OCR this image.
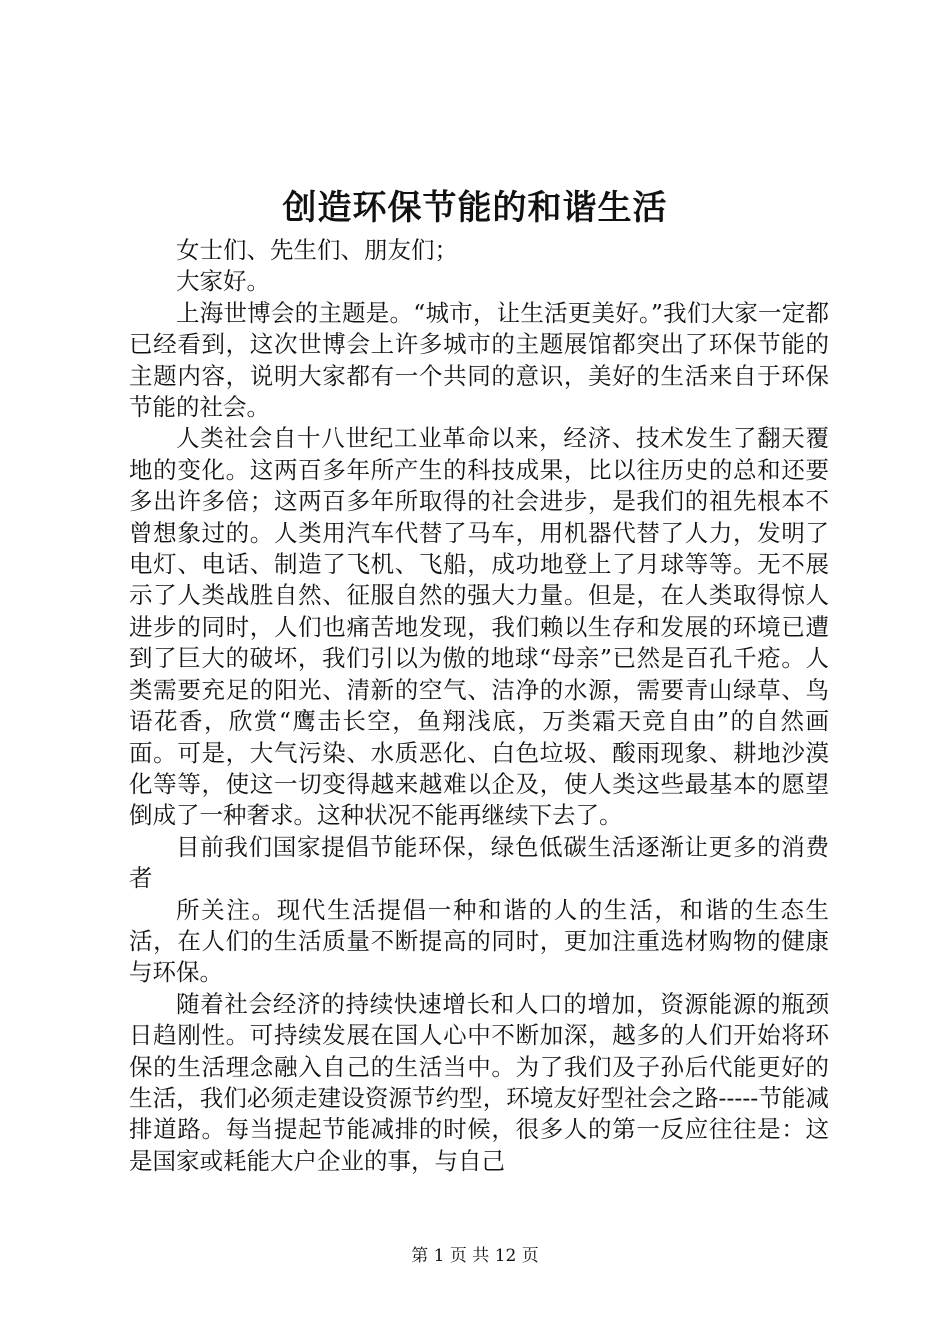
创造环保节能的和谐生活

女士们、先生们、朋友们；

大家好。

上海世博会的主题是。“城市，让生活更美好。”我们大家一定都已经看到，这次世博会上许多城市的主题展馆都突出了环保节能的主题内容，说明大家都有一个共同的意识，美好的生活来自于环保节能的社会。

人类社会自十八世纪工业革命以来，经济、技术发生了翻天覆地的变化。这两百多年所产生的科技成果，比以往历史的总和还要多出许多倍；这两百多年所取得的社会进步，是我们的祖先根本不曾想象过的。人类用汽车代替了马车，用机器代替了人力，发明了电灯、电话、制造了飞机、飞船，成功地登上了月球等等。无不展示了人类战胜自然、征服自然的强大力量。但是，在人类取得惊人进步的同时，人们也痛苦地发现，我们赖以生存和发展的环境已遭到了巨大的破坏，我们引以为傲的地球“母亲”已然是百孔千疮。人类需要充足的阳光、清新的空气、洁净的水源，需要青山绿草、鸟语花香，欣赏“鹰击长空，鱼翔浅底，万类霜天竞自由”的自然画面。可是，大气污染、水质恶化、白色垃圾、酸雨现象、耕地沙漠化等等，使这一切变得越来越难以企及，使人类这些最基本的愿望倒成了一种奢求。这种状况不能再继续下去了。

目前我们国家提倡节能环保，绿色低碳生活逐渐让更多的消费者

所关注。现代生活提倡一种和谐的人的生活，和谐的生态生活，在人们的生活质量不断提高的同时，更加注重选材购物的健康与环保。

随着社会经济的持续快速增长和人口的增加，资源能源的瓶颈日趋刚性。可持续发展在国人心中不断加深，越多的人们开始将环保的生活理念融入自己的生活当中。为了我们及子孙后代能更好的生活，我们必须走建设资源节约型，环境友好型社会之路-----节能减排道路。每当提起节能减排的时候，很多人的第一反应往往是：这是国家或耗能大户企业的事，与自己

第 1 页 共 12 页
